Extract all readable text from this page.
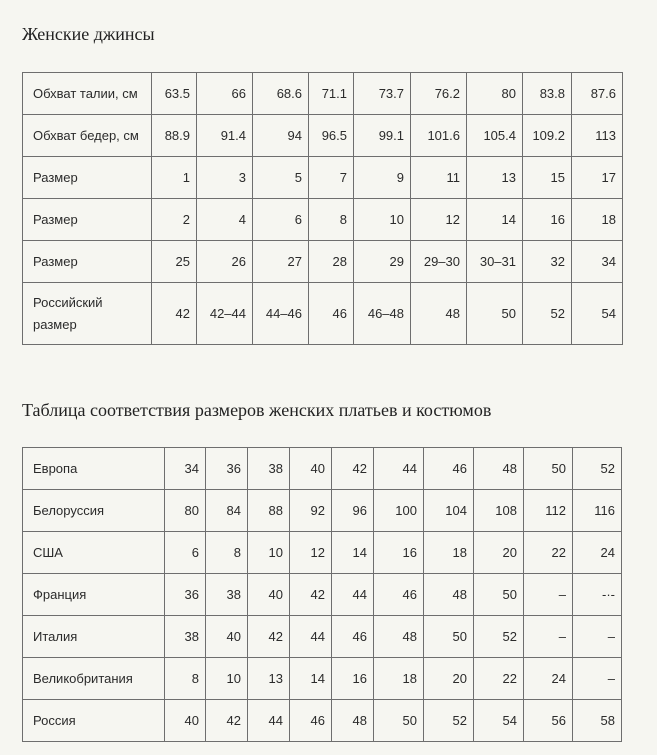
Женские джинсы
Обхват талии, см	63.5	66	68.6	71.1	73.7	76.2	80	83.8	87.6
Обхват бедер, см	88.9	91.4	94	96.5	99.1	101.6	105.4	109.2	113
Размер	1	3	5	7	9	11	13	15	17
Размер	2	4	6	8	10	12	14	16	18
Размер	25	26	27	28	29	29–30	30–31	32	34
Российский размер	42	42–44	44–46	46	46–48	48	50	52	54
Таблица соответствия размеров женских платьев и костюмов
Европа	34	36	38	40	42	44	46	48	50	52
Белоруссия	80	84	88	92	96	100	104	108	112	116
США	6	8	10	12	14	16	18	20	22	24
Франция	36	38	40	42	44	46	48	50	–	-·-
Италия	38	40	42	44	46	48	50	52	–	–
Великобритания	8	10	13	14	16	18	20	22	24	–
Россия	40	42	44	46	48	50	52	54	56	58
